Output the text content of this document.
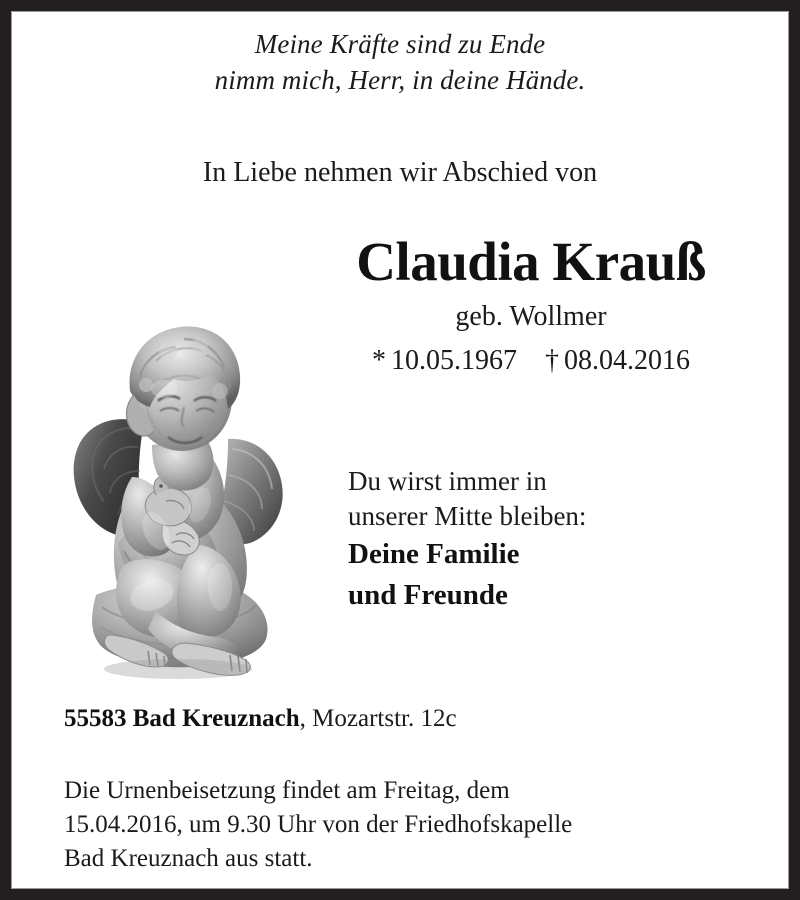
Meine Kräfte sind zu Ende
nimm mich, Herr, in deine Hände.
In Liebe nehmen wir Abschied von
Claudia Krauß
geb. Wollmer
* 10.05.1967 † 08.04.2016
Du wirst immer in
unserer Mitte bleiben:
Deine Familie
und Freunde
55583 Bad Kreuznach, Mozartstr. 12c
Die Urnenbeisetzung findet am Freitag, dem
15.04.2016, um 9.30 Uhr von der Friedhofskapelle
Bad Kreuznach aus statt.
